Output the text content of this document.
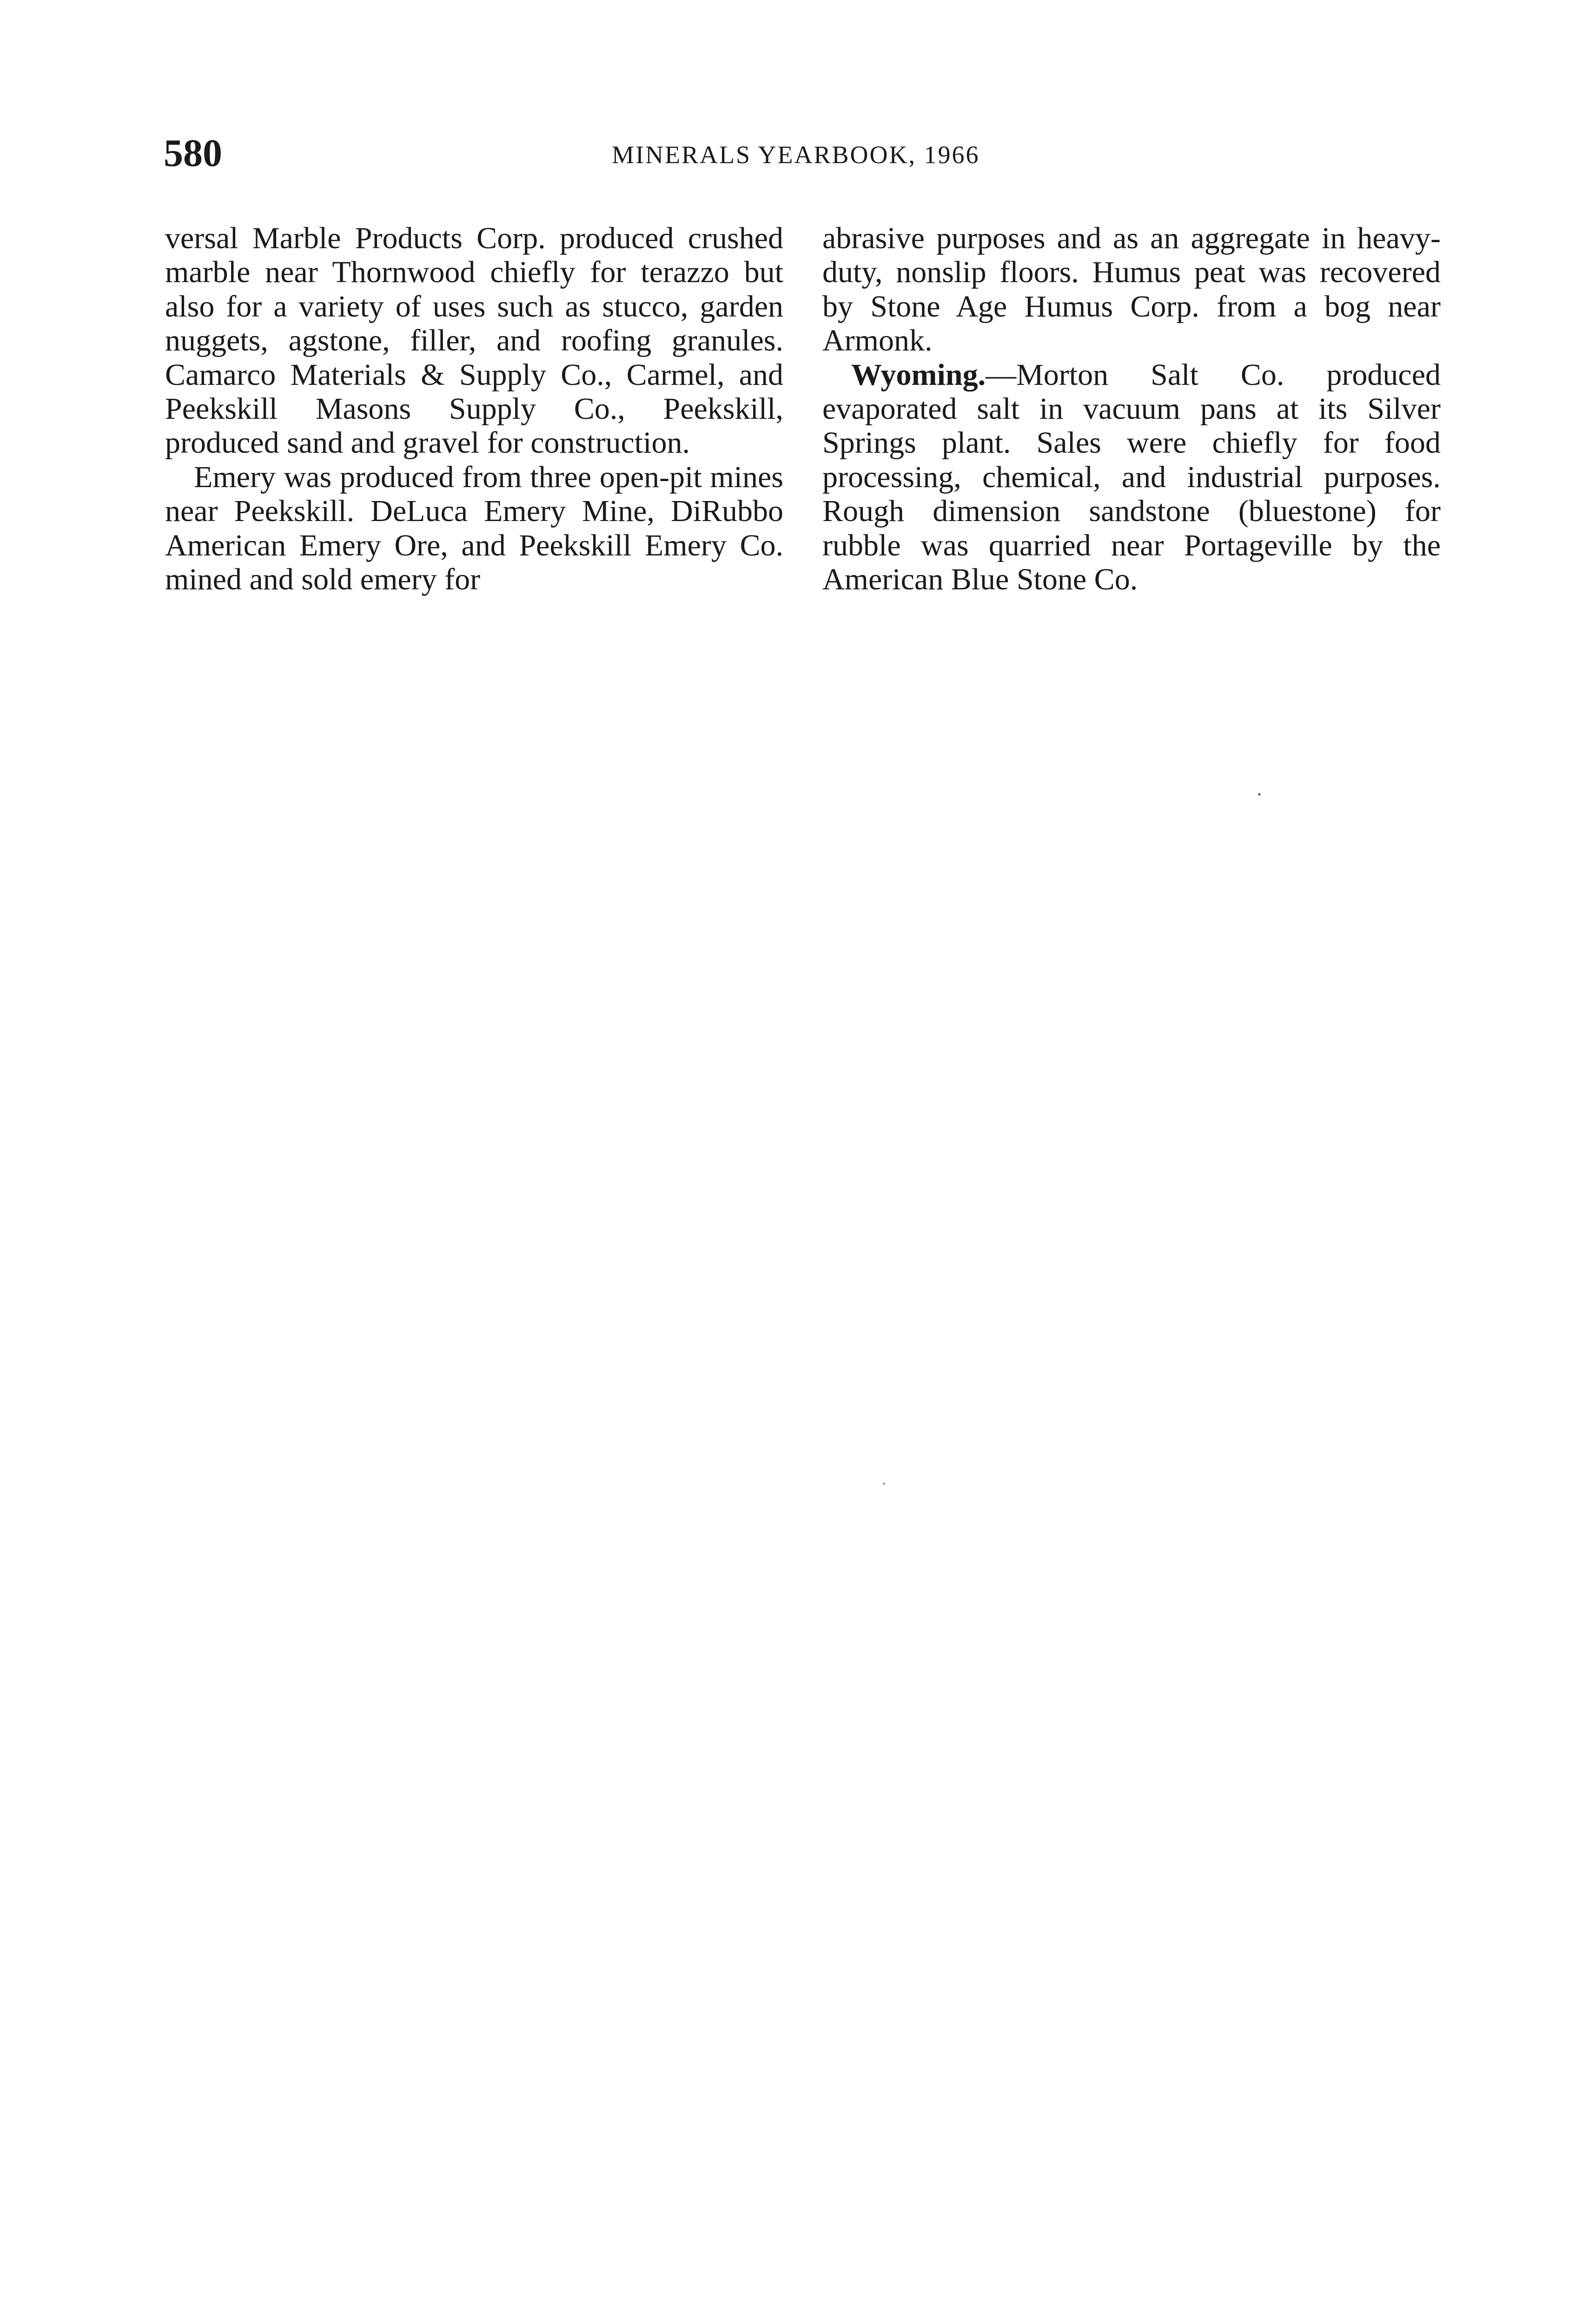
580	MINERALS YEARBOOK, 1966

versal Marble Products Corp. produced crushed marble near Thornwood chiefly for terazzo but also for a variety of uses such as stucco, garden nuggets, agstone, filler, and roofing granules. Camarco Materials & Supply Co., Carmel, and Peekskill Masons Supply Co., Peekskill, produced sand and gravel for construction.

Emery was produced from three open-pit mines near Peekskill. DeLuca Emery Mine, DiRubbo American Emery Ore, and Peekskill Emery Co. mined and sold emery for

abrasive purposes and as an aggregate in heavy-duty, nonslip floors. Humus peat was recovered by Stone Age Humus Corp. from a bog near Armonk.

Wyoming.—Morton Salt Co. produced evaporated salt in vacuum pans at its Silver Springs plant. Sales were chiefly for food processing, chemical, and industrial purposes. Rough dimension sandstone (bluestone) for rubble was quarried near Portageville by the American Blue Stone Co.
